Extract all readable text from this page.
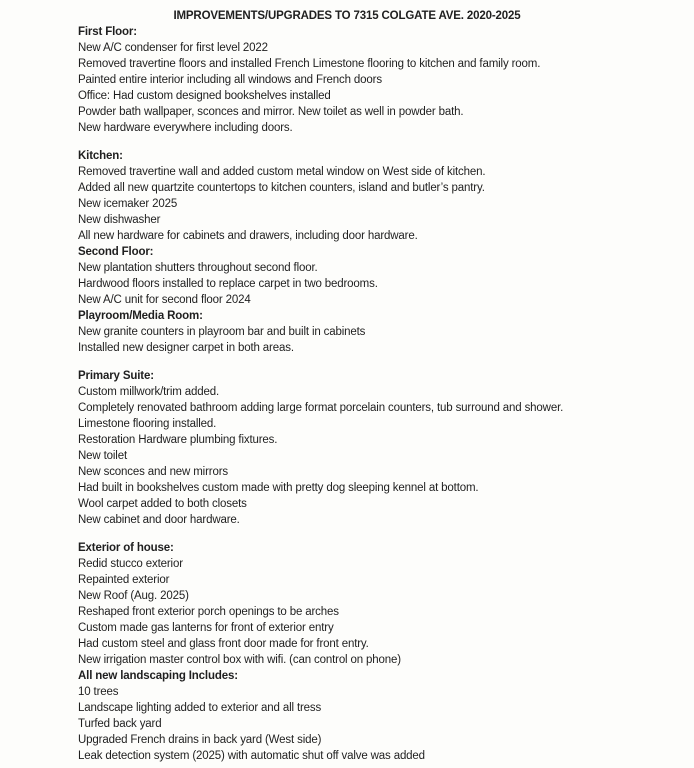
IMPROVEMENTS/UPGRADES TO 7315 COLGATE AVE. 2020-2025
First Floor:
New A/C condenser for first level 2022
Removed travertine floors and installed French Limestone flooring to kitchen and family room.
Painted entire interior including all windows and French doors
Office: Had custom designed bookshelves installed
Powder bath wallpaper, sconces and mirror. New toilet as well in powder bath.
New hardware everywhere including doors.
Kitchen:
Removed travertine wall and added custom metal window on West side of kitchen.
Added all new quartzite countertops to kitchen counters, island and butler’s pantry.
New icemaker 2025
New dishwasher
All new hardware for cabinets and drawers, including door hardware.
Second Floor:
New plantation shutters throughout second floor.
Hardwood floors installed to replace carpet in two bedrooms.
New A/C unit for second floor 2024
Playroom/Media Room:
New granite counters in playroom bar and built in cabinets
Installed new designer carpet in both areas.
Primary Suite:
Custom millwork/trim added.
Completely renovated bathroom adding large format porcelain counters, tub surround and shower.
Limestone flooring installed.
Restoration Hardware plumbing fixtures.
New toilet
New sconces and new mirrors
Had built in bookshelves custom made with pretty dog sleeping kennel at bottom.
Wool carpet added to both closets
New cabinet and door hardware.
Exterior of house:
Redid stucco exterior
Repainted exterior
New Roof (Aug. 2025)
Reshaped front exterior porch openings to be arches
Custom made gas lanterns for front of exterior entry
Had custom steel and glass front door made for front entry.
New irrigation master control box with wifi. (can control on phone)
All new landscaping Includes:
10 trees
Landscape lighting added to exterior and all tress
Turfed back yard
Upgraded French drains in back yard (West side)
Leak detection system (2025) with automatic shut off valve was added
